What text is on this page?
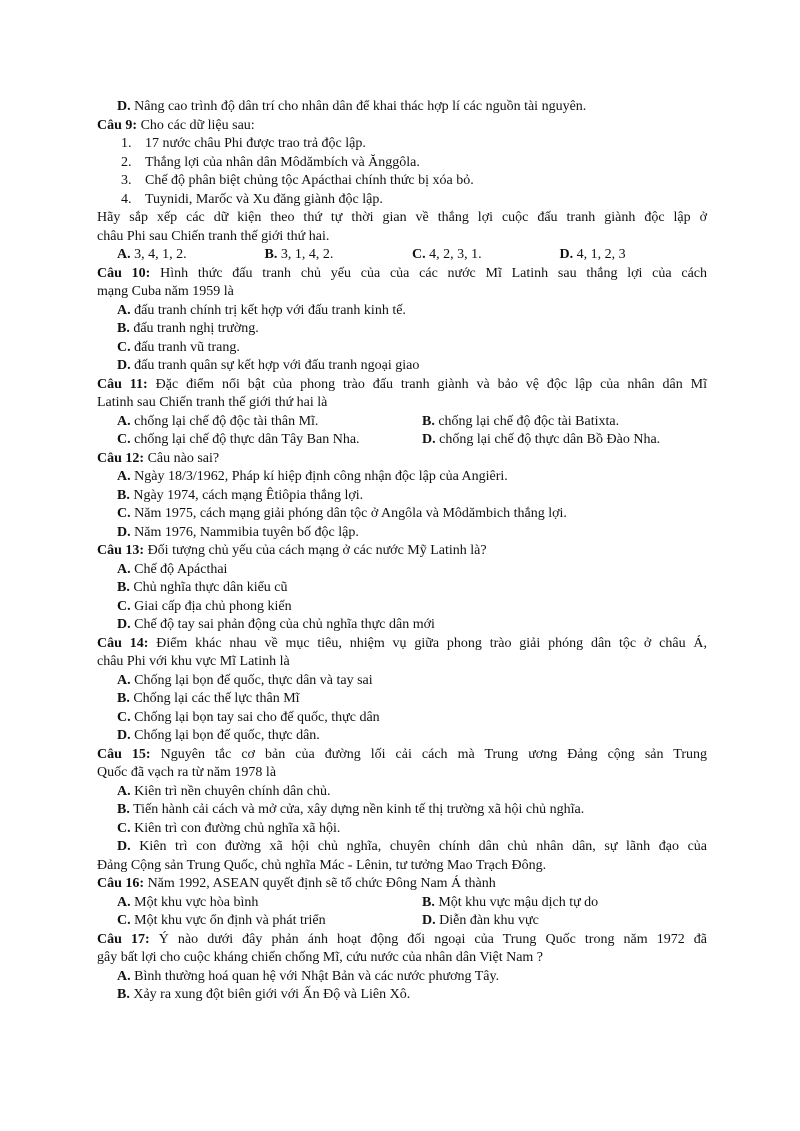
D. Nâng cao trình độ dân trí cho nhân dân để khai thác hợp lí các nguồn tài nguyên.
Câu 9: Cho các dữ liệu sau:
1. 17 nước châu Phi được trao trả độc lập.
2. Thắng lợi của nhân dân Môdămbích và Ănggôla.
3. Chế độ phân biệt chủng tộc Apácthai chính thức bị xóa bỏ.
4. Tuynidi, Marốc và Xu đăng giành độc lập.
Hãy sắp xếp các dữ kiện theo thứ tự thời gian về thắng lợi cuộc đấu tranh giành độc lập ở
châu Phi sau Chiến tranh thế giới thứ hai.
A. 3, 4, 1, 2.	B. 3, 1, 4, 2.	C. 4, 2, 3, 1.	D. 4, 1, 2, 3
Câu 10: Hình thức đấu tranh chủ yếu của của các nước Mĩ Latinh sau thắng lợi của cách
mạng Cuba năm 1959 là
A. đấu tranh chính trị kết hợp với đấu tranh kinh tế.
B. đấu tranh nghị trường.
C. đấu tranh vũ trang.
D. đấu tranh quân sự kết hợp với đấu tranh ngoại giao
Câu 11: Đặc điểm nổi bật của phong trào đấu tranh giành và bảo vệ độc lập của nhân dân Mĩ
Latinh sau Chiến tranh thế giới thứ hai là
A. chống lại chế độ độc tài thân Mĩ.	B. chống lại chế độ độc tài Batixta.
C. chống lại chế độ thực dân Tây Ban Nha.	D. chống lại chế độ thực dân Bồ Đào Nha.
Câu 12: Câu nào sai?
A. Ngày 18/3/1962, Pháp kí hiệp định công nhận độc lập của Angiêri.
B. Ngày 1974, cách mạng Êtiôpia thắng lợi.
C. Năm 1975, cách mạng giải phóng dân tộc ở Angôla và Môdămbich thắng lợi.
D. Năm 1976, Nammibia tuyên bố độc lập.
Câu 13: Đối tượng chủ yếu của cách mạng ở các nước Mỹ Latinh là?
A. Chế độ Apácthai
B. Chủ nghĩa thực dân kiểu cũ
C. Giai cấp địa chủ phong kiến
D. Chế độ tay sai phản động của chủ nghĩa thực dân mới
Câu 14: Điểm khác nhau về mục tiêu, nhiệm vụ giữa phong trào giải phóng dân tộc ở châu Á,
châu Phi với khu vực Mĩ Latinh là
A. Chống lại bọn đế quốc, thực dân và tay sai
B. Chống lại các thế lực thân Mĩ
C. Chống lại bọn tay sai cho đế quốc, thực dân
D. Chống lại bọn đế quốc, thực dân.
Câu 15: Nguyên tắc cơ bản của đường lối cải cách mà Trung ương Đảng cộng sản Trung
Quốc đã vạch ra từ năm 1978 là
A. Kiên trì nền chuyên chính dân chủ.
B. Tiến hành cải cách và mở cửa, xây dựng nền kinh tế thị trường xã hội chủ nghĩa.
C. Kiên trì con đường chủ nghĩa xã hội.
D. Kiên trì con đường xã hội chủ nghĩa, chuyên chính dân chủ nhân dân, sự lãnh đạo của
Đảng Cộng sản Trung Quốc, chủ nghĩa Mác - Lênin, tư tưởng Mao Trạch Đông.
Câu 16: Năm 1992, ASEAN quyết định sẽ tổ chức Đông Nam Á thành
A. Một khu vực hòa bình	B. Một khu vực mậu dịch tự do
C. Một khu vực ổn định và phát triển	D. Diễn đàn khu vực
Câu 17: Ý nào dưới đây phản ánh hoạt động đối ngoại của Trung Quốc trong năm 1972 đã
gây bất lợi cho cuộc kháng chiến chống Mĩ, cứu nước của nhân dân Việt Nam ?
A. Bình thường hoá quan hệ với Nhật Bản và các nước phương Tây.
B. Xảy ra xung đột biên giới với Ấn Độ và Liên Xô.
